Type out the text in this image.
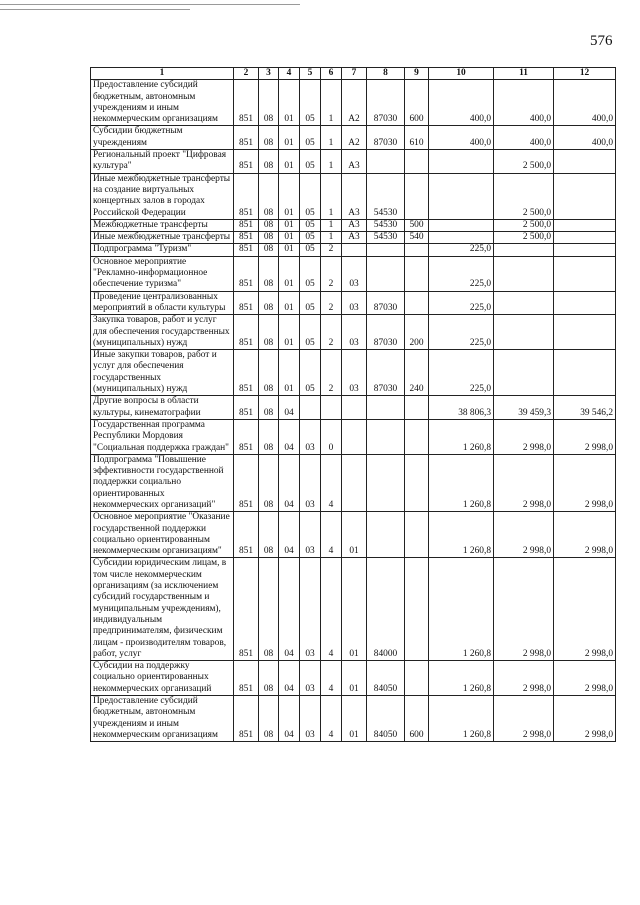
576
1	2	3	4	5	6	7	8	9	10	11	12
Предоставление субсидий бюджетным, автономным учреждениям и иным некоммерческим организациям	851	08	01	05	1	А2	87030	600	400,0	400,0	400,0
Субсидии бюджетным учреждениям	851	08	01	05	1	А2	87030	610	400,0	400,0	400,0
Региональный проект "Цифровая культура"	851	08	01	05	1	А3				2 500,0	
Иные межбюджетные трансферты на создание виртуальных концертных залов в городах Российской Федерации	851	08	01	05	1	А3	54530			2 500,0	
Межбюджетные трансферты	851	08	01	05	1	А3	54530	500		2 500,0	
Иные межбюджетные трансферты	851	08	01	05	1	А3	54530	540		2 500,0	
Подпрограмма "Туризм"	851	08	01	05	2				225,0		
Основное мероприятие "Рекламно-информационное обеспечение туризма"	851	08	01	05	2	03			225,0		
Проведение централизованных мероприятий в области культуры	851	08	01	05	2	03	87030		225,0		
Закупка товаров, работ и услуг для обеспечения государственных (муниципальных) нужд	851	08	01	05	2	03	87030	200	225,0		
Иные закупки товаров, работ и услуг для обеспечения государственных (муниципальных) нужд	851	08	01	05	2	03	87030	240	225,0		
Другие вопросы в области культуры, кинематографии	851	08	04						38 806,3	39 459,3	39 546,2
Государственная программа Республики Мордовия "Социальная поддержка граждан"	851	08	04	03	0				1 260,8	2 998,0	2 998,0
Подпрограмма "Повышение эффективности государственной поддержки социально ориентированных некоммерческих организаций"	851	08	04	03	4				1 260,8	2 998,0	2 998,0
Основное мероприятие "Оказание государственной поддержки социально ориентированным некоммерческим организациям"	851	08	04	03	4	01			1 260,8	2 998,0	2 998,0
Субсидии юридическим лицам, в том числе некоммерческим организациям (за исключением субсидий государственным и муниципальным учреждениям), индивидуальным предпринимателям, физическим лицам - производителям товаров, работ, услуг	851	08	04	03	4	01	84000		1 260,8	2 998,0	2 998,0
Субсидии на поддержку социально ориентированных некоммерческих организаций	851	08	04	03	4	01	84050		1 260,8	2 998,0	2 998,0
Предоставление субсидий бюджетным, автономным учреждениям и иным некоммерческим организациям	851	08	04	03	4	01	84050	600	1 260,8	2 998,0	2 998,0
